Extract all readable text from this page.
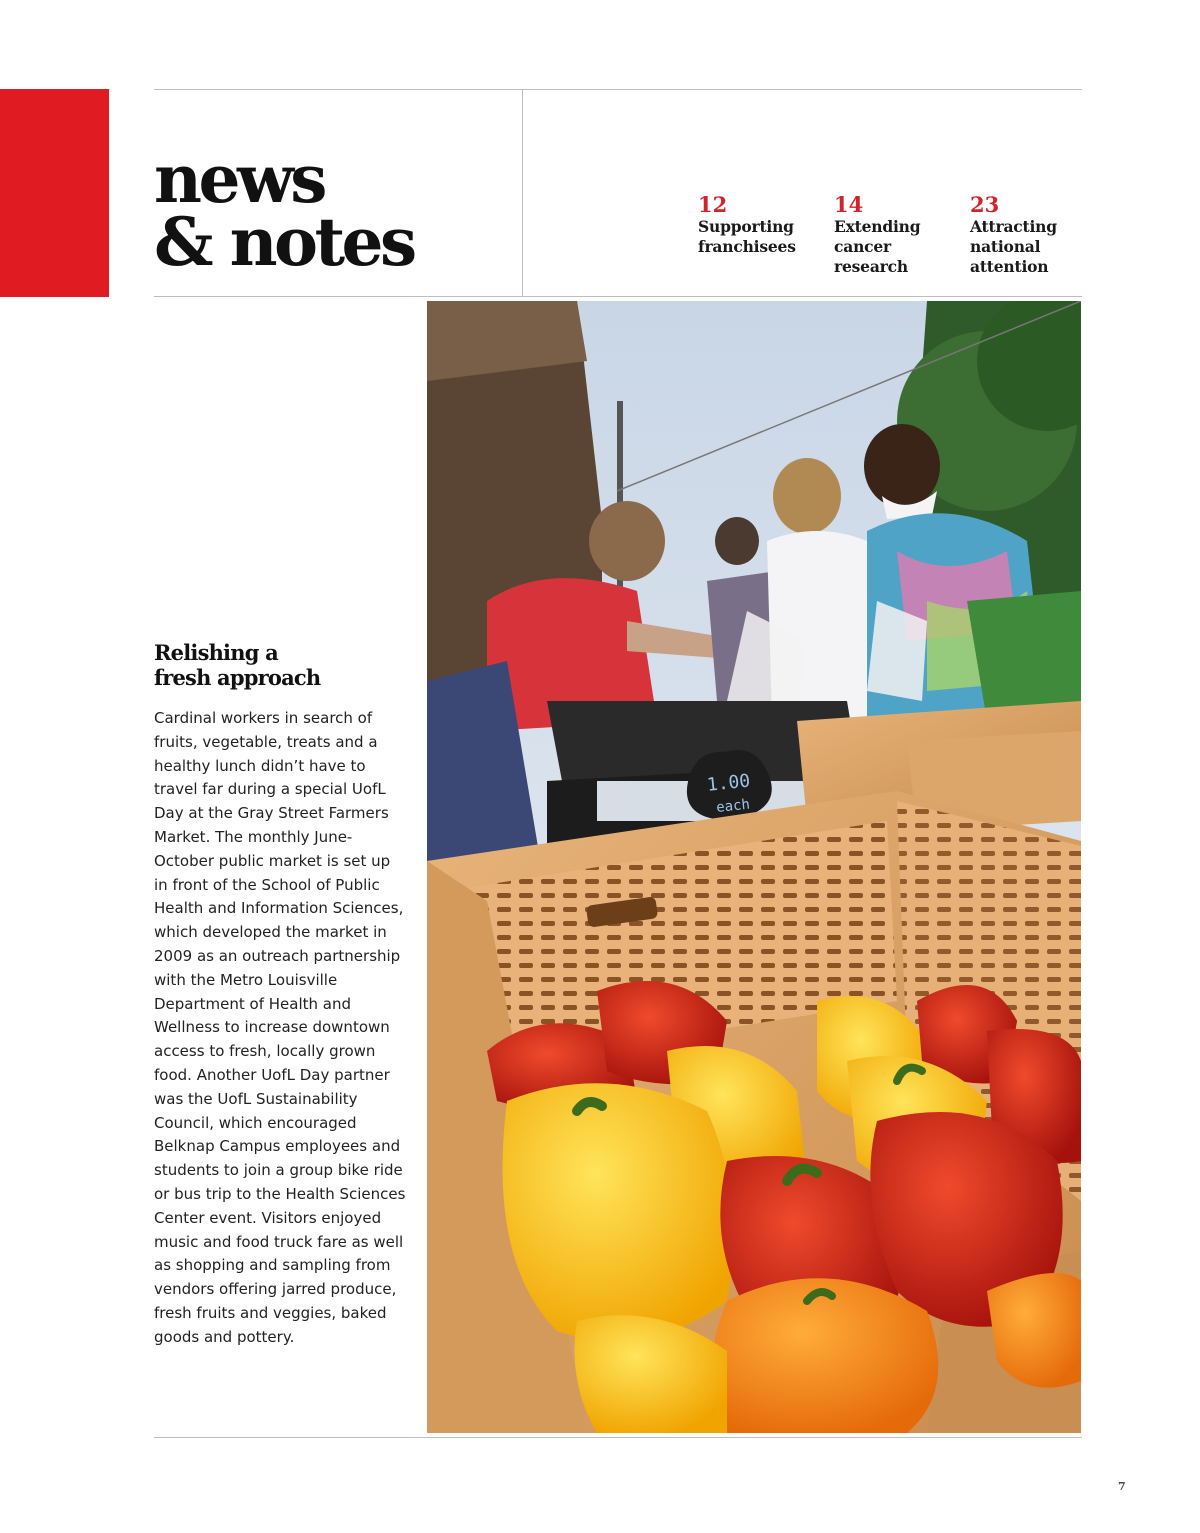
news
& notes	12
Supporting
franchisees
14
Extending
cancer
research
23
Attracting
national
attention
Relishing a
fresh approach

Cardinal workers in search of fruits, vegetable, treats and a healthy lunch didn’t have to travel far during a special UofL Day at the Gray Street Farmers Market. The monthly June-October public market is set up in front of the School of Public Health and Information Sciences, which developed the market in 2009 as an outreach partnership with the Metro Louisville Department of Health and Wellness to increase downtown access to fresh, locally grown food. Another UofL Day partner was the UofL Sustainability Council, which encouraged Belknap Campus employees and students to join a group bike ride or bus trip to the Health Sciences Center event. Visitors enjoyed music and food truck fare as well as shopping and sampling from vendors offering jarred produce, fresh fruits and veggies, baked goods and pottery.

1.00
each
7
